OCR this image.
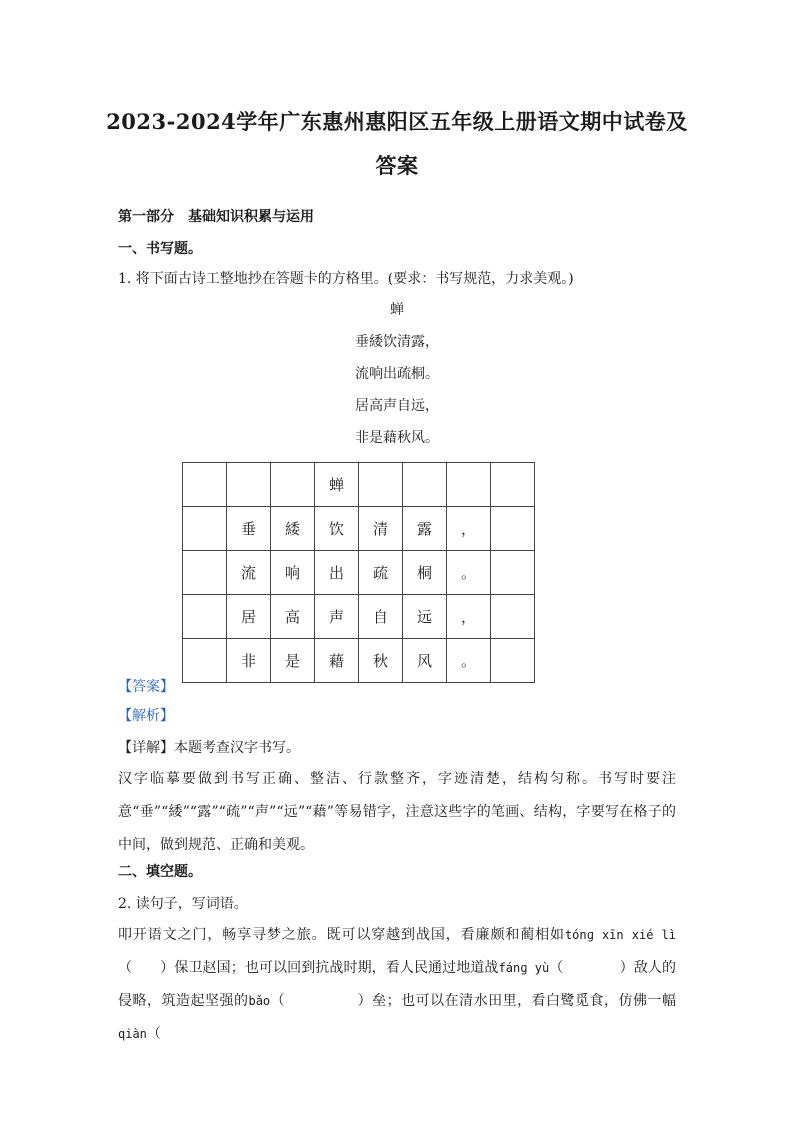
2023-2024学年广东惠州惠阳区五年级上册语文期中试卷及
答案
第一部分　基础知识积累与运用
一、书写题。
1. 将下面古诗工整地抄在答题卡的方格里。(要求：书写规范，力求美观。)
蝉
垂緌饮清露，
流响出疏桐。
居高声自远，
非是藉秋风。
			蝉				
	垂	緌	饮	清	露	，	
	流	响	出	疏	桐	。	
	居	高	声	自	远	，	
	非	是	藉	秋	风	。	
【答案】
【解析】
【详解】本题考查汉字书写。
汉字临摹要做到书写正确、整洁、行款整齐，字迹清楚，结构匀称。书写时要注意“垂”“緌”“露”“疏”“声”“远”“藉”等易错字，注意这些字的笔画、结构，字要写在格子的中间，做到规范、正确和美观。
二、填空题。
2. 读句子，写词语。
叩开语文之门，畅享寻梦之旅。既可以穿越到战国，看廉颇和蔺相如tónɡ xīn xié lì（　　）保卫赵国；也可以回到抗战时期，看人民通过地道战fánɡ yù（　　　　）敌人的侵略，筑造起坚强的bǎo（　　　　　）垒；也可以在清水田里，看白鹭觅食，仿佛一幅qiàn（
